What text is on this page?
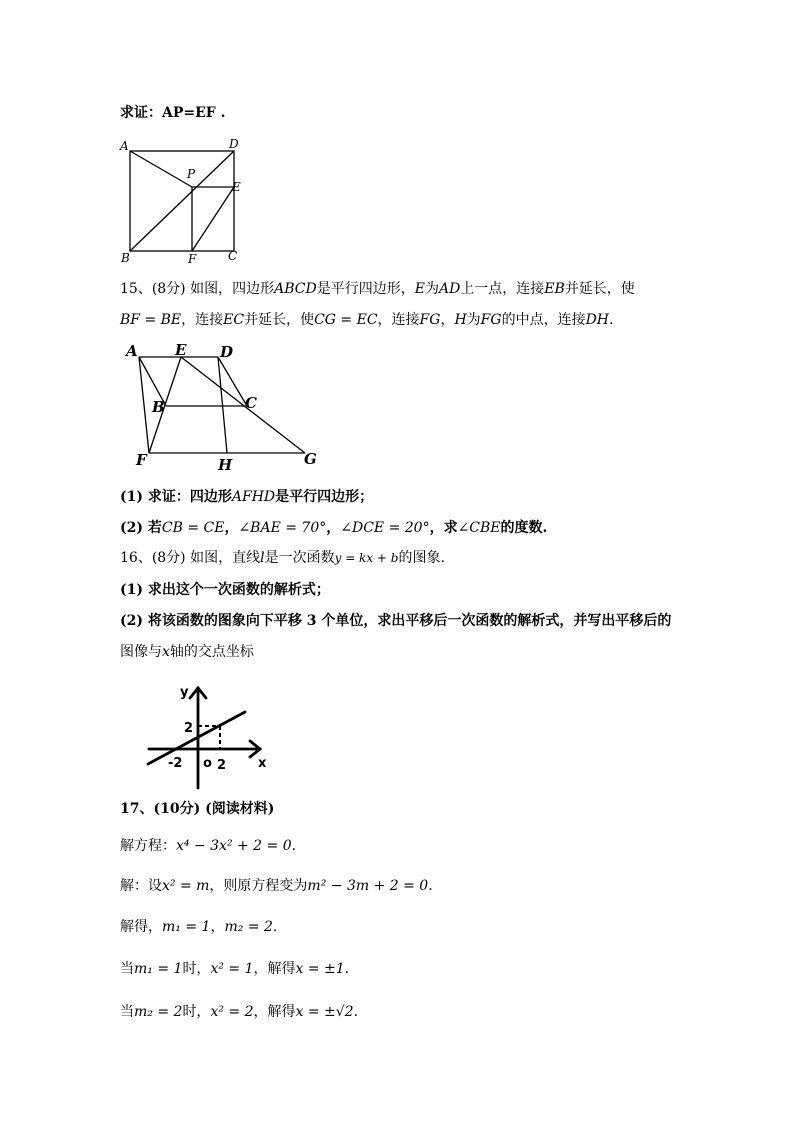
求证：AP=EF .
A	D
P
E
B	F	C
15、(8分) 如图，四边形ABCD是平行四边形，E为AD上一点，连接EB并延长，使
BF = BE，连接EC并延长，使CG = EC，连接FG，H为FG的中点，连接DH.
A E D
B	C
F	H	G
(1) 求证：四边形AFHD是平行四边形；
(2) 若CB = CE，∠BAE = 70°，∠DCE = 20°，求∠CBE的度数.
16、(8分) 如图，直线l是一次函数y = kx + b的图象.
(1) 求出这个一次函数的解析式；
(2) 将该函数的图象向下平移 3 个单位，求出平移后一次函数的解析式，并写出平移后的
图像与x轴的交点坐标
y
x
2
-2 o 2
17、(10分) (阅读材料)
解方程：x⁴ − 3x² + 2 = 0.
解：设x² = m，则原方程变为m² − 3m + 2 = 0.
解得，m₁ = 1，m₂ = 2.
当m₁ = 1时，x² = 1，解得x = ±1.
当m₂ = 2时，x² = 2，解得x = ±√2.
